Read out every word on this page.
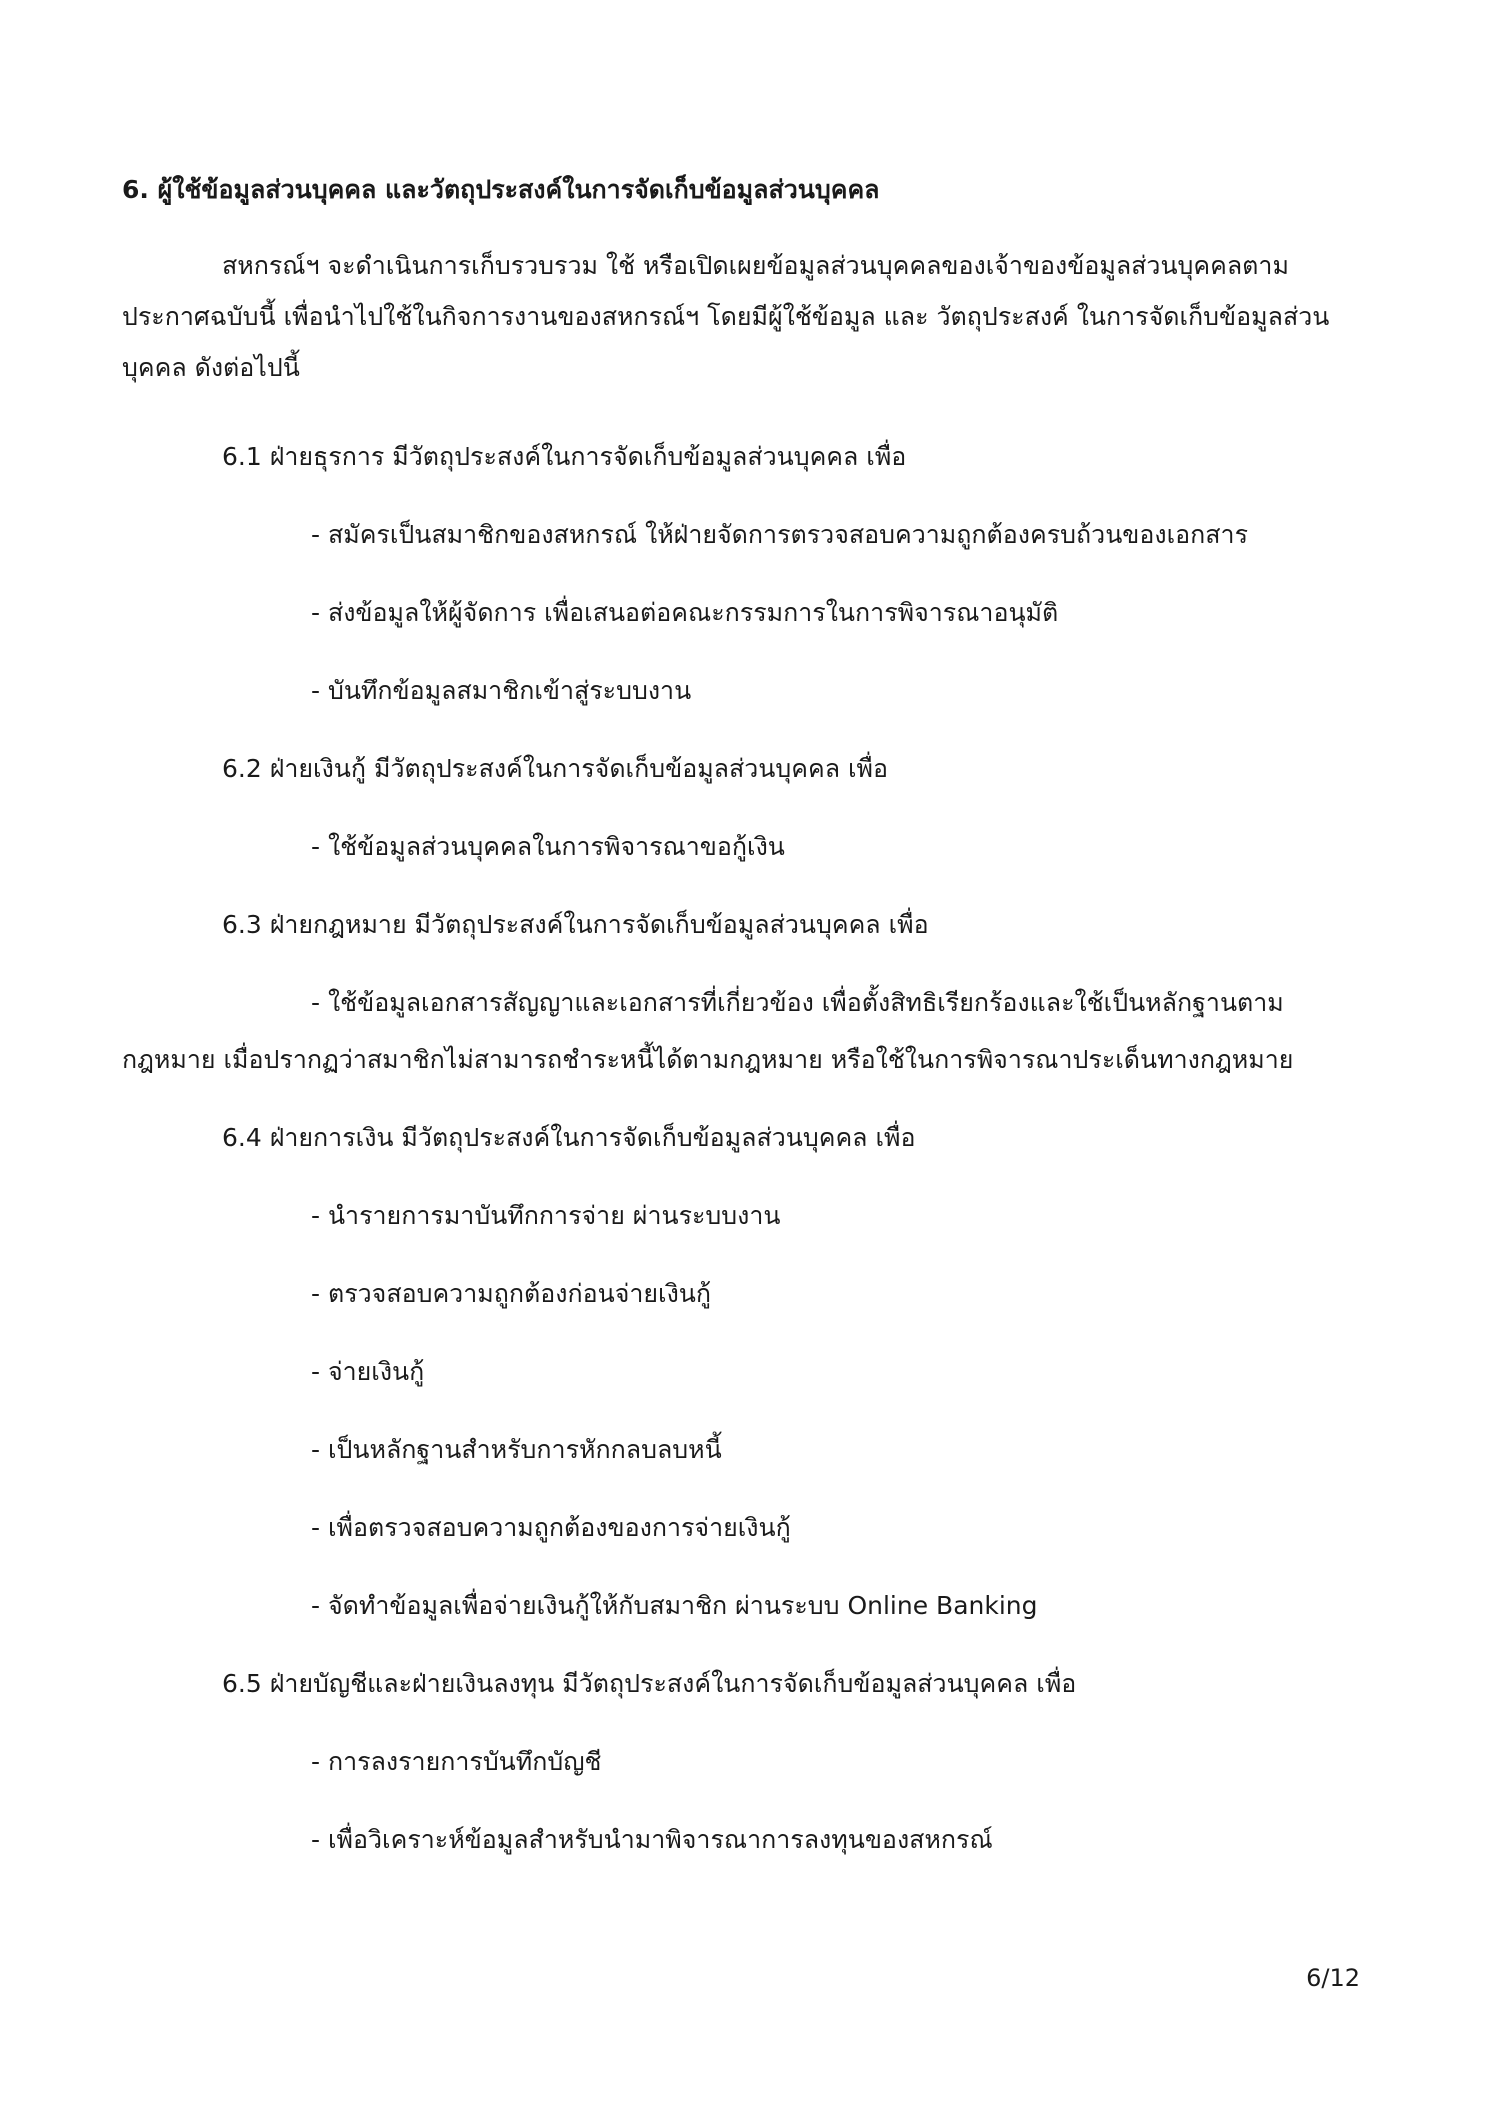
6. ผู้ใช้ข้อมูลส่วนบุคคล และวัตถุประสงค์ในการจัดเก็บข้อมูลส่วนบุคคล
สหกรณ์ฯ จะดำเนินการเก็บรวบรวม ใช้ หรือเปิดเผยข้อมูลส่วนบุคคลของเจ้าของข้อมูลส่วนบุคคลตาม
ประกาศฉบับนี้ เพื่อนำไปใช้ในกิจการงานของสหกรณ์ฯ โดยมีผู้ใช้ข้อมูล และ วัตถุประสงค์ ในการจัดเก็บข้อมูลส่วน
บุคคล ดังต่อไปนี้
6.1 ฝ่ายธุรการ มีวัตถุประสงค์ในการจัดเก็บข้อมูลส่วนบุคคล เพื่อ
- สมัครเป็นสมาชิกของสหกรณ์ ให้ฝ่ายจัดการตรวจสอบความถูกต้องครบถ้วนของเอกสาร
- ส่งข้อมูลให้ผู้จัดการ เพื่อเสนอต่อคณะกรรมการในการพิจารณาอนุมัติ
- บันทึกข้อมูลสมาชิกเข้าสู่ระบบงาน
6.2 ฝ่ายเงินกู้ มีวัตถุประสงค์ในการจัดเก็บข้อมูลส่วนบุคคล เพื่อ
- ใช้ข้อมูลส่วนบุคคลในการพิจารณาขอกู้เงิน
6.3 ฝ่ายกฎหมาย มีวัตถุประสงค์ในการจัดเก็บข้อมูลส่วนบุคคล เพื่อ
- ใช้ข้อมูลเอกสารสัญญาและเอกสารที่เกี่ยวข้อง เพื่อตั้งสิทธิเรียกร้องและใช้เป็นหลักฐานตาม
กฎหมาย เมื่อปรากฏว่าสมาชิกไม่สามารถชำระหนี้ได้ตามกฎหมาย หรือใช้ในการพิจารณาประเด็นทางกฎหมาย
6.4 ฝ่ายการเงิน มีวัตถุประสงค์ในการจัดเก็บข้อมูลส่วนบุคคล เพื่อ
- นำรายการมาบันทึกการจ่าย ผ่านระบบงาน
- ตรวจสอบความถูกต้องก่อนจ่ายเงินกู้
- จ่ายเงินกู้
- เป็นหลักฐานสำหรับการหักกลบลบหนี้
- เพื่อตรวจสอบความถูกต้องของการจ่ายเงินกู้
- จัดทำข้อมูลเพื่อจ่ายเงินกู้ให้กับสมาชิก ผ่านระบบ Online Banking
6.5 ฝ่ายบัญชีและฝ่ายเงินลงทุน มีวัตถุประสงค์ในการจัดเก็บข้อมูลส่วนบุคคล เพื่อ
- การลงรายการบันทึกบัญชี
- เพื่อวิเคราะห์ข้อมูลสำหรับนำมาพิจารณาการลงทุนของสหกรณ์
6/12
